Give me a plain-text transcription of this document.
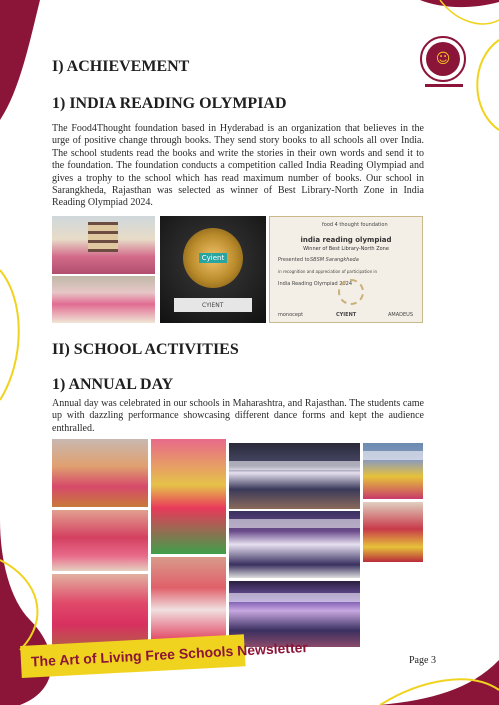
☺
I) ACHIEVEMENT
1) INDIA READING OLYMPIAD

The Food4Thought foundation based in Hyderabad is an organization that believes in the urge of positive change through books. They send story books to all schools all over India. The school students read the books and write the stories in their own words and send it to the foundation. The foundation conducts a competition called India Reading Olympiad and gives a trophy to the school which has read maximum number of books. Our school in Sarangkheda, Rajasthan was selected as winner of Best Library-North Zone in India Reading Olympiad 2024.

Cyient
CYIENT
food 4 thought foundation
india reading olympiad
Winner of Best Library-North Zone
Presented to SBSM Sarangkheda
in recognition and appreciation of participation in
India Reading Olympiad 2024
monocept	CYIENT	AMADEUS
II) SCHOOL ACTIVITIES
1) ANNUAL DAY

Annual day was celebrated in our schools in Maharashtra, and Rajasthan. The students came up with dazzling performance showcasing different dance forms and kept the audience enthralled.

The Art of Living Free Schools Newsletter	Page 3
